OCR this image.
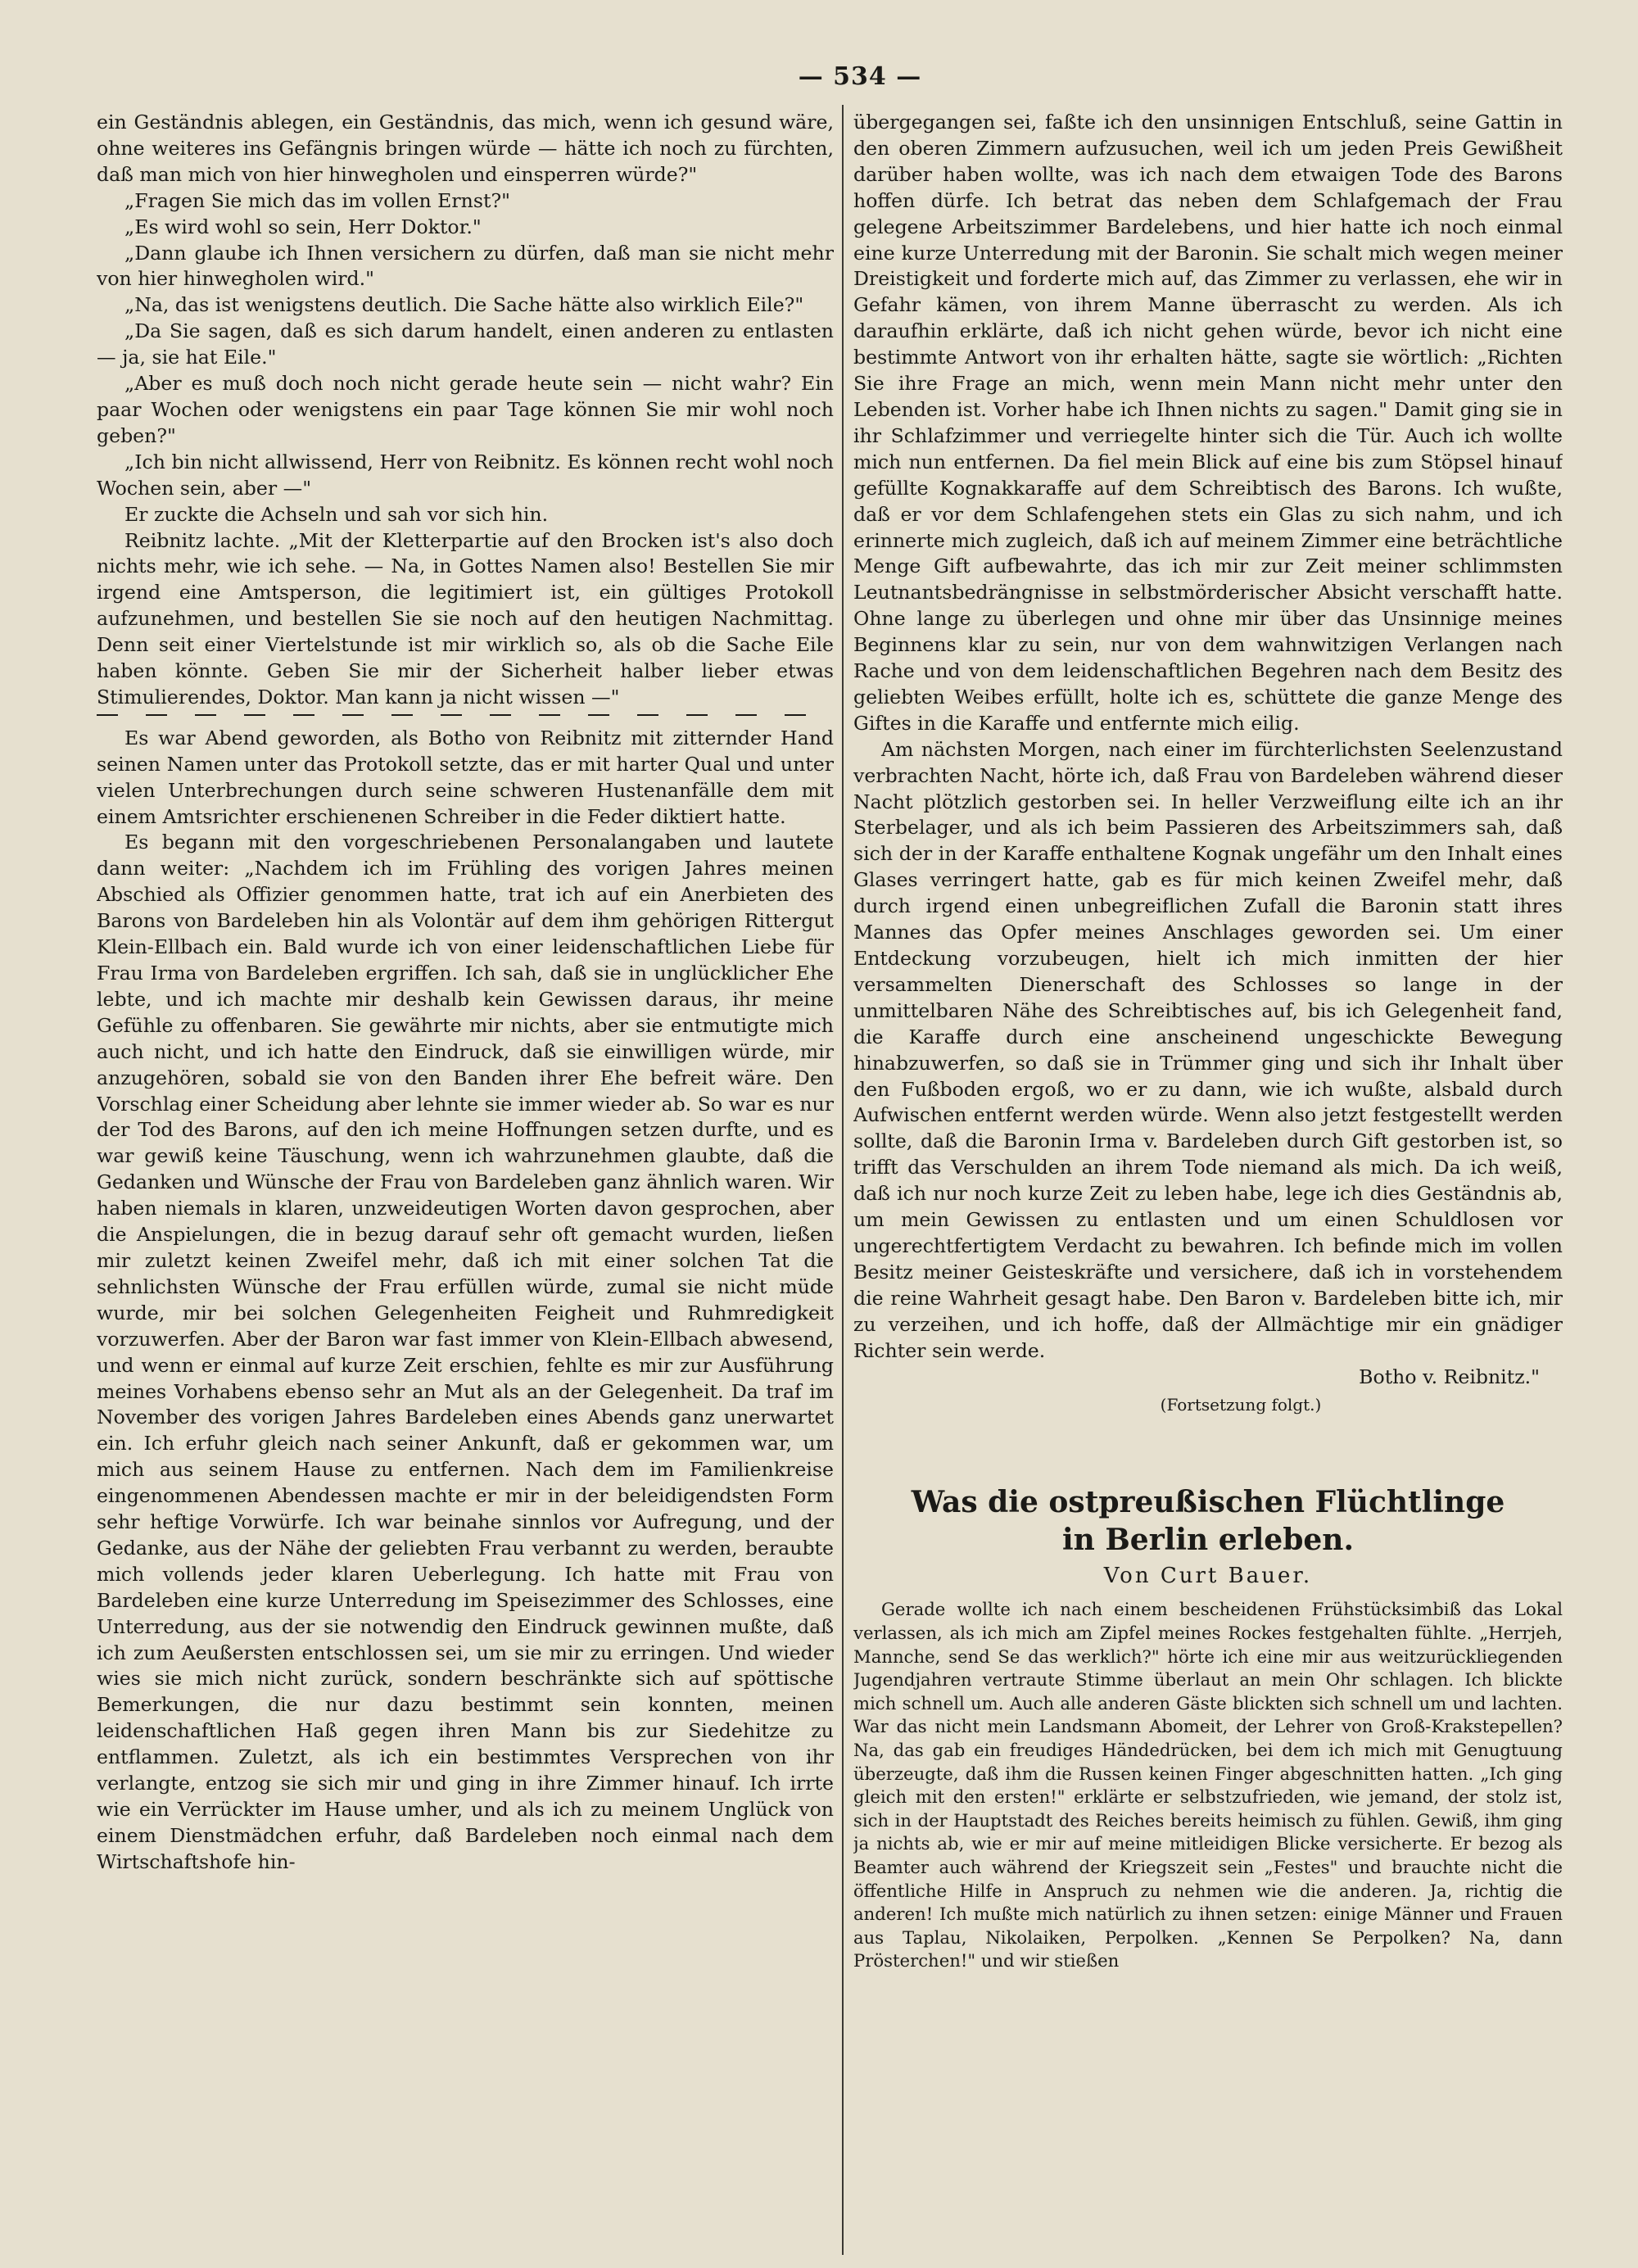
— 534 —

ein Geständnis ablegen, ein Geständnis, das mich, wenn ich gesund wäre, ohne weiteres ins Gefängnis bringen würde — hätte ich noch zu fürchten, daß man mich von hier hinwegholen und einsperren würde?"

„Fragen Sie mich das im vollen Ernst?"

„Es wird wohl so sein, Herr Doktor."

„Dann glaube ich Ihnen versichern zu dürfen, daß man sie nicht mehr von hier hinwegholen wird."

„Na, das ist wenigstens deutlich. Die Sache hätte also wirklich Eile?"

„Da Sie sagen, daß es sich darum handelt, einen anderen zu entlasten — ja, sie hat Eile."

„Aber es muß doch noch nicht gerade heute sein — nicht wahr? Ein paar Wochen oder wenigstens ein paar Tage können Sie mir wohl noch geben?"

„Ich bin nicht allwissend, Herr von Reibnitz. Es können recht wohl noch Wochen sein, aber —"

Er zuckte die Achseln und sah vor sich hin.

Reibnitz lachte. „Mit der Kletterpartie auf den Brocken ist's also doch nichts mehr, wie ich sehe. — Na, in Gottes Namen also! Bestellen Sie mir irgend eine Amtsperson, die legitimiert ist, ein gültiges Protokoll aufzunehmen, und bestellen Sie sie noch auf den heutigen Nachmittag. Denn seit einer Viertelstunde ist mir wirklich so, als ob die Sache Eile haben könnte. Geben Sie mir der Sicherheit halber lieber etwas Stimulierendes, Doktor. Man kann ja nicht wissen —"

Es war Abend geworden, als Botho von Reibnitz mit zitternder Hand seinen Namen unter das Protokoll setzte, das er mit harter Qual und unter vielen Unterbrechungen durch seine schweren Hustenanfälle dem mit einem Amtsrichter erschienenen Schreiber in die Feder diktiert hatte.

Es begann mit den vorgeschriebenen Personalangaben und lautete dann weiter: „Nachdem ich im Frühling des vorigen Jahres meinen Abschied als Offizier genommen hatte, trat ich auf ein Anerbieten des Barons von Bardeleben hin als Volontär auf dem ihm gehörigen Rittergut Klein-Ellbach ein. Bald wurde ich von einer leidenschaftlichen Liebe für Frau Irma von Bardeleben ergriffen. Ich sah, daß sie in unglücklicher Ehe lebte, und ich machte mir deshalb kein Gewissen daraus, ihr meine Gefühle zu offenbaren. Sie gewährte mir nichts, aber sie entmutigte mich auch nicht, und ich hatte den Eindruck, daß sie einwilligen würde, mir anzugehören, sobald sie von den Banden ihrer Ehe befreit wäre. Den Vorschlag einer Scheidung aber lehnte sie immer wieder ab. So war es nur der Tod des Barons, auf den ich meine Hoffnungen setzen durfte, und es war gewiß keine Täuschung, wenn ich wahrzunehmen glaubte, daß die Gedanken und Wünsche der Frau von Bardeleben ganz ähnlich waren. Wir haben niemals in klaren, unzweideutigen Worten davon gesprochen, aber die Anspielungen, die in bezug darauf sehr oft gemacht wurden, ließen mir zuletzt keinen Zweifel mehr, daß ich mit einer solchen Tat die sehnlichsten Wünsche der Frau erfüllen würde, zumal sie nicht müde wurde, mir bei solchen Gelegenheiten Feigheit und Ruhmredigkeit vorzuwerfen. Aber der Baron war fast immer von Klein-Ellbach abwesend, und wenn er einmal auf kurze Zeit erschien, fehlte es mir zur Ausführung meines Vorhabens ebenso sehr an Mut als an der Gelegenheit. Da traf im November des vorigen Jahres Bardeleben eines Abends ganz unerwartet ein. Ich erfuhr gleich nach seiner Ankunft, daß er gekommen war, um mich aus seinem Hause zu entfernen. Nach dem im Familienkreise eingenommenen Abendessen machte er mir in der beleidigendsten Form sehr heftige Vorwürfe. Ich war beinahe sinnlos vor Aufregung, und der Gedanke, aus der Nähe der geliebten Frau verbannt zu werden, beraubte mich vollends jeder klaren Ueberlegung. Ich hatte mit Frau von Bardeleben eine kurze Unterredung im Speisezimmer des Schlosses, eine Unterredung, aus der sie notwendig den Eindruck gewinnen mußte, daß ich zum Aeußersten entschlossen sei, um sie mir zu erringen. Und wieder wies sie mich nicht zurück, sondern beschränkte sich auf spöttische Bemerkungen, die nur dazu bestimmt sein konnten, meinen leidenschaftlichen Haß gegen ihren Mann bis zur Siedehitze zu entflammen. Zuletzt, als ich ein bestimmtes Versprechen von ihr verlangte, entzog sie sich mir und ging in ihre Zimmer hinauf. Ich irrte wie ein Verrückter im Hause umher, und als ich zu meinem Unglück von einem Dienstmädchen erfuhr, daß Bardeleben noch einmal nach dem Wirtschaftshofe hin-

übergegangen sei, faßte ich den unsinnigen Entschluß, seine Gattin in den oberen Zimmern aufzusuchen, weil ich um jeden Preis Gewißheit darüber haben wollte, was ich nach dem etwaigen Tode des Barons hoffen dürfe. Ich betrat das neben dem Schlafgemach der Frau gelegene Arbeitszimmer Bardelebens, und hier hatte ich noch einmal eine kurze Unterredung mit der Baronin. Sie schalt mich wegen meiner Dreistigkeit und forderte mich auf, das Zimmer zu verlassen, ehe wir in Gefahr kämen, von ihrem Manne überrascht zu werden. Als ich daraufhin erklärte, daß ich nicht gehen würde, bevor ich nicht eine bestimmte Antwort von ihr erhalten hätte, sagte sie wörtlich: „Richten Sie ihre Frage an mich, wenn mein Mann nicht mehr unter den Lebenden ist. Vorher habe ich Ihnen nichts zu sagen." Damit ging sie in ihr Schlafzimmer und verriegelte hinter sich die Tür. Auch ich wollte mich nun entfernen. Da fiel mein Blick auf eine bis zum Stöpsel hinauf gefüllte Kognakkaraffe auf dem Schreibtisch des Barons. Ich wußte, daß er vor dem Schlafengehen stets ein Glas zu sich nahm, und ich erinnerte mich zugleich, daß ich auf meinem Zimmer eine beträchtliche Menge Gift aufbewahrte, das ich mir zur Zeit meiner schlimmsten Leutnantsbedrängnisse in selbstmörderischer Absicht verschafft hatte. Ohne lange zu überlegen und ohne mir über das Unsinnige meines Beginnens klar zu sein, nur von dem wahnwitzigen Verlangen nach Rache und von dem leidenschaftlichen Begehren nach dem Besitz des geliebten Weibes erfüllt, holte ich es, schüttete die ganze Menge des Giftes in die Karaffe und entfernte mich eilig.

Am nächsten Morgen, nach einer im fürchterlichsten Seelenzustand verbrachten Nacht, hörte ich, daß Frau von Bardeleben während dieser Nacht plötzlich gestorben sei. In heller Verzweiflung eilte ich an ihr Sterbelager, und als ich beim Passieren des Arbeitszimmers sah, daß sich der in der Karaffe enthaltene Kognak ungefähr um den Inhalt eines Glases verringert hatte, gab es für mich keinen Zweifel mehr, daß durch irgend einen unbegreiflichen Zufall die Baronin statt ihres Mannes das Opfer meines Anschlages geworden sei. Um einer Entdeckung vorzubeugen, hielt ich mich inmitten der hier versammelten Dienerschaft des Schlosses so lange in der unmittelbaren Nähe des Schreibtisches auf, bis ich Gelegenheit fand, die Karaffe durch eine anscheinend ungeschickte Bewegung hinabzuwerfen, so daß sie in Trümmer ging und sich ihr Inhalt über den Fußboden ergoß, wo er zu dann, wie ich wußte, alsbald durch Aufwischen entfernt werden würde. Wenn also jetzt festgestellt werden sollte, daß die Baronin Irma v. Bardeleben durch Gift gestorben ist, so trifft das Verschulden an ihrem Tode niemand als mich. Da ich weiß, daß ich nur noch kurze Zeit zu leben habe, lege ich dies Geständnis ab, um mein Gewissen zu entlasten und um einen Schuldlosen vor ungerechtfertigtem Verdacht zu bewahren. Ich befinde mich im vollen Besitz meiner Geisteskräfte und versichere, daß ich in vorstehendem die reine Wahrheit gesagt habe. Den Baron v. Bardeleben bitte ich, mir zu verzeihen, und ich hoffe, daß der Allmächtige mir ein gnädiger Richter sein werde.

Botho v. Reibnitz."

(Fortsetzung folgt.)

Was die ostpreußischen Flüchtlinge
in Berlin erleben.
Von Curt Bauer.

Gerade wollte ich nach einem bescheidenen Frühstücksimbiß das Lokal verlassen, als ich mich am Zipfel meines Rockes festgehalten fühlte. „Herrjeh, Mannche, send Se das werklich?" hörte ich eine mir aus weitzurückliegenden Jugendjahren vertraute Stimme überlaut an mein Ohr schlagen. Ich blickte mich schnell um. Auch alle anderen Gäste blickten sich schnell um und lachten. War das nicht mein Landsmann Abomeit, der Lehrer von Groß-Krakstepellen? Na, das gab ein freudiges Händedrücken, bei dem ich mich mit Genugtuung überzeugte, daß ihm die Russen keinen Finger abgeschnitten hatten. „Ich ging gleich mit den ersten!" erklärte er selbstzufrieden, wie jemand, der stolz ist, sich in der Hauptstadt des Reiches bereits heimisch zu fühlen. Gewiß, ihm ging ja nichts ab, wie er mir auf meine mitleidigen Blicke versicherte. Er bezog als Beamter auch während der Kriegszeit sein „Festes" und brauchte nicht die öffentliche Hilfe in Anspruch zu nehmen wie die anderen. Ja, richtig die anderen! Ich mußte mich natürlich zu ihnen setzen: einige Männer und Frauen aus Taplau, Nikolaiken, Perpolken. „Kennen Se Perpolken? Na, dann Prösterchen!" und wir stießen
